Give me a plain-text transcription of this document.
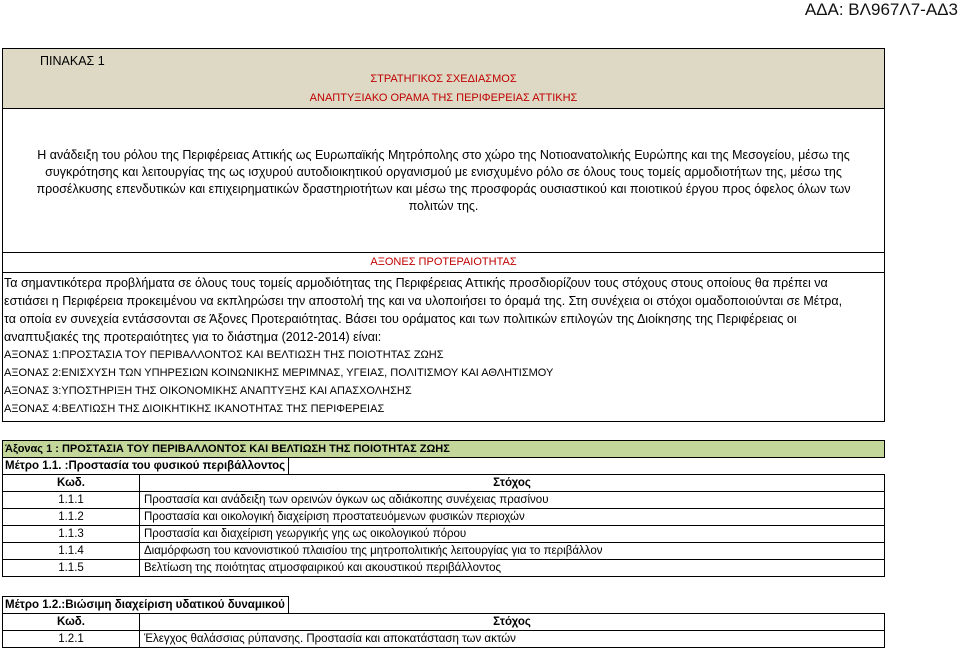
ΑΔΑ: ΒΛ967Λ7-ΑΔ3
ΠΙΝΑΚΑΣ 1
ΣΤΡΑΤΗΓΙΚΟΣ ΣΧΕΔΙΑΣΜΟΣ
ΑΝΑΠΤΥΞΙΑΚΟ ΟΡΑΜΑ ΤΗΣ ΠΕΡΙΦΕΡΕΙΑΣ ΑΤΤΙΚΗΣ
Η ανάδειξη του ρόλου της Περιφέρειας Αττικής ως Ευρωπαϊκής Μητρόπολης στο χώρο της Νοτιοανατολικής Ευρώπης και της Μεσογείου, μέσω της
συγκρότησης και λειτουργίας της ως ισχυρού αυτοδιοικητικού οργανισμού με ενισχυμένο ρόλο σε όλους τους τομείς αρμοδιοτήτων της, μέσω της
προσέλκυσης επενδυτικών και επιχειρηματικών δραστηριοτήτων και μέσω της προσφοράς ουσιαστικού και ποιοτικού έργου προς όφελος όλων των
πολιτών της.
ΑΞΟΝΕΣ ΠΡΟΤΕΡΑΙΟΤΗΤΑΣ
Τα σημαντικότερα προβλήματα σε όλους τους τομείς αρμοδιότητας της Περιφέρειας Αττικής προσδιορίζουν τους στόχους στους οποίους θα πρέπει να
εστιάσει η Περιφέρεια προκειμένου να εκπληρώσει την αποστολή της και να υλοποιήσει το όραμά της. Στη συνέχεια οι στόχοι ομαδοποιούνται σε Μέτρα,
τα οποία εν συνεχεία εντάσσονται σε Άξονες Προτεραιότητας. Βάσει του οράματος και των πολιτικών επιλογών της Διοίκησης της Περιφέρειας οι
αναπτυξιακές της προτεραιότητες για το διάστημα (2012-2014) είναι:
ΑΞΟΝΑΣ 1:ΠΡΟΣΤΑΣΙΑ ΤΟΥ ΠΕΡΙΒΑΛΛΟΝΤΟΣ ΚΑΙ ΒΕΛΤΙΩΣΗ ΤΗΣ ΠΟΙΟΤΗΤΑΣ ΖΩΗΣ
ΑΞΟΝΑΣ 2:ΕΝΙΣΧΥΣΗ ΤΩΝ ΥΠΗΡΕΣΙΩΝ ΚΟΙΝΩΝΙΚΗΣ ΜΕΡΙΜΝΑΣ, ΥΓΕΙΑΣ, ΠΟΛΙΤΙΣΜΟΥ ΚΑΙ ΑΘΛΗΤΙΣΜΟΥ
ΑΞΟΝΑΣ 3:ΥΠΟΣΤΗΡΙΞΗ ΤΗΣ ΟΙΚΟΝΟΜΙΚΗΣ ΑΝΑΠΤΥΞΗΣ ΚΑΙ ΑΠΑΣΧΟΛΗΣΗΣ
ΑΞΟΝΑΣ 4:ΒΕΛΤΙΩΣΗ ΤΗΣ ΔΙΟΙΚΗΤΙΚΗΣ ΙΚΑΝΟΤΗΤΑΣ ΤΗΣ ΠΕΡΙΦΕΡΕΙΑΣ
Άξονας 1 : ΠΡΟΣΤΑΣΙΑ ΤΟΥ ΠΕΡΙΒΑΛΛΟΝΤΟΣ ΚΑΙ ΒΕΛΤΙΩΣΗ ΤΗΣ ΠΟΙΟΤΗΤΑΣ ΖΩΗΣ
Μέτρο 1.1. :Προστασία του φυσικού περιβάλλοντος
Κωδ.	Στόχος
1.1.1	Προστασία και ανάδειξη των ορεινών όγκων ως αδιάκοπης συνέχειας πρασίνου
1.1.2	Προστασία και οικολογική διαχείριση προστατευόμενων φυσικών περιοχών
1.1.3	Προστασία και διαχείριση γεωργικής γης ως οικολογικού πόρου
1.1.4	Διαμόρφωση του κανονιστικού πλαισίου της μητροπολιτικής λειτουργίας για το περιβάλλον
1.1.5	Βελτίωση της ποιότητας ατμοσφαιρικού και ακουστικού περιβάλλοντος
Μέτρο 1.2.:Βιώσιμη διαχείριση υδατικού δυναμικού
Κωδ.	Στόχος
1.2.1	Έλεγχος θαλάσσιας ρύπανσης. Προστασία και αποκατάσταση των ακτών
